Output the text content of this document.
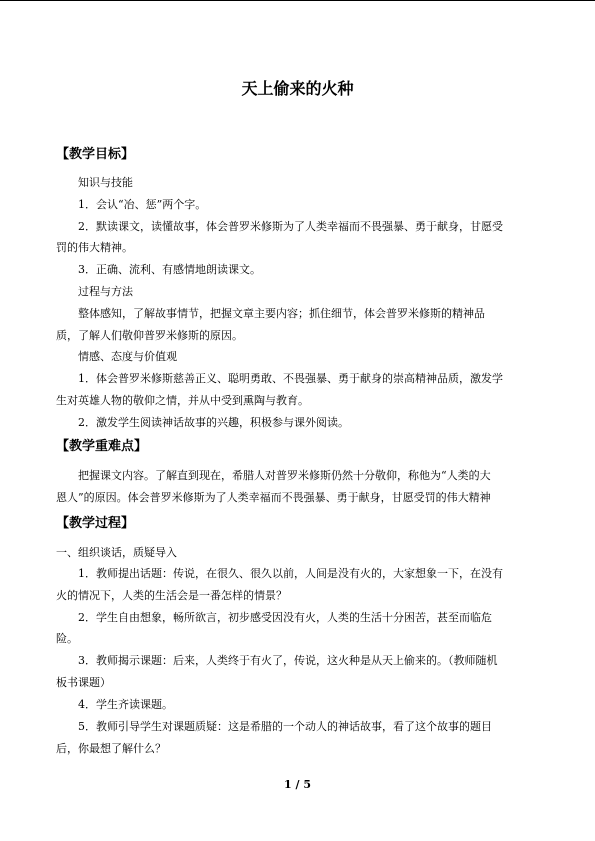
天上偷来的火种
【教学目标】
知识与技能
1．会认“冶、惩”两个字。
2．默读课文，读懂故事，体会普罗米修斯为了人类幸福而不畏强暴、勇于献身，甘愿受
罚的伟大精神。
3．正确、流利、有感情地朗读课文。
过程与方法
整体感知，了解故事情节，把握文章主要内容；抓住细节，体会普罗米修斯的精神品
质，了解人们敬仰普罗米修斯的原因。
情感、态度与价值观
1．体会普罗米修斯慈善正义、聪明勇敢、不畏强暴、勇于献身的崇高精神品质，激发学
生对英雄人物的敬仰之情，并从中受到熏陶与教育。
2．激发学生阅读神话故事的兴趣，积极参与课外阅读。
【教学重难点】
把握课文内容。了解直到现在，希腊人对普罗米修斯仍然十分敬仰，称他为“人类的大
恩人”的原因。体会普罗米修斯为了人类幸福而不畏强暴、勇于献身，甘愿受罚的伟大精神
【教学过程】
一、组织谈话，质疑导入
1．教师提出话题：传说，在很久、很久以前，人间是没有火的，大家想象一下，在没有
火的情况下，人类的生活会是一番怎样的情景？
2．学生自由想象，畅所欲言，初步感受因没有火，人类的生活十分困苦，甚至而临危
险。
3．教师揭示课题：后来，人类终于有火了，传说，这火种是从天上偷来的。（教师随机
板书课题）
4．学生齐读课题。
5．教师引导学生对课题质疑：这是希腊的一个动人的神话故事，看了这个故事的题目
后，你最想了解什么？
1 / 5
